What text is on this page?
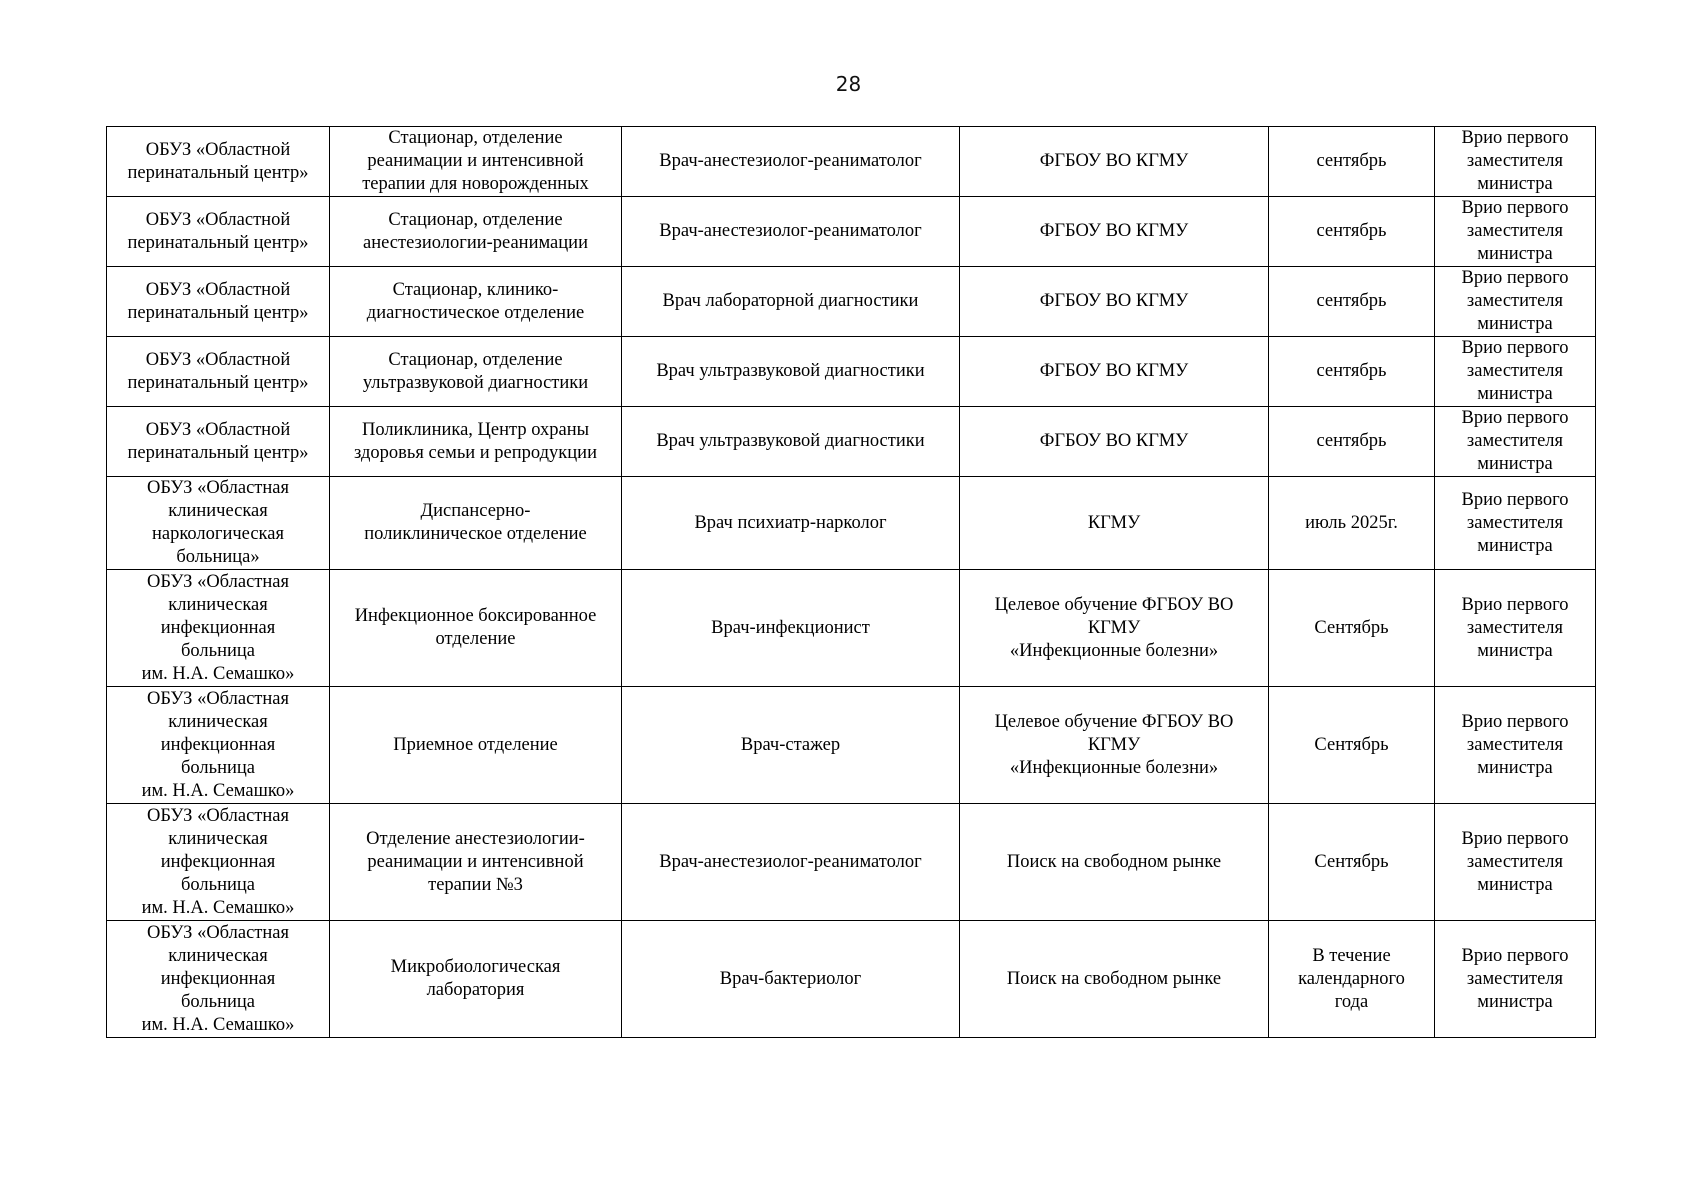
28
ОБУЗ «Областной
перинатальный центр»	Стационар, отделение
реанимации и интенсивной
терапии для новорожденных	Врач-анестезиолог-реаниматолог	ФГБОУ ВО КГМУ	сентябрь	Врио первого
заместителя
министра
ОБУЗ «Областной
перинатальный центр»	Стационар, отделение
анестезиологии-реанимации	Врач-анестезиолог-реаниматолог	ФГБОУ ВО КГМУ	сентябрь	Врио первого
заместителя
министра
ОБУЗ «Областной
перинатальный центр»	Стационар, клинико-
диагностическое отделение	Врач лабораторной диагностики	ФГБОУ ВО КГМУ	сентябрь	Врио первого
заместителя
министра
ОБУЗ «Областной
перинатальный центр»	Стационар, отделение
ультразвуковой диагностики	Врач ультразвуковой диагностики	ФГБОУ ВО КГМУ	сентябрь	Врио первого
заместителя
министра
ОБУЗ «Областной
перинатальный центр»	Поликлиника, Центр охраны
здоровья семьи и репродукции	Врач ультразвуковой диагностики	ФГБОУ ВО КГМУ	сентябрь	Врио первого
заместителя
министра
ОБУЗ «Областная
клиническая
наркологическая
больница»	Диспансерно-
поликлиническое отделение	Врач психиатр-нарколог	КГМУ	июль 2025г.	Врио первого
заместителя
министра
ОБУЗ «Областная
клиническая
инфекционная
больница
им. Н.А. Семашко»	Инфекционное боксированное
отделение	Врач-инфекционист	Целевое обучение ФГБОУ ВО
КГМУ
«Инфекционные болезни»	Сентябрь	Врио первого
заместителя
министра
ОБУЗ «Областная
клиническая
инфекционная
больница
им. Н.А. Семашко»	Приемное отделение	Врач-стажер	Целевое обучение ФГБОУ ВО
КГМУ
«Инфекционные болезни»	Сентябрь	Врио первого
заместителя
министра
ОБУЗ «Областная
клиническая
инфекционная
больница
им. Н.А. Семашко»	Отделение анестезиологии-
реанимации и интенсивной
терапии №3	Врач-анестезиолог-реаниматолог	Поиск на свободном рынке	Сентябрь	Врио первого
заместителя
министра
ОБУЗ «Областная
клиническая
инфекционная
больница
им. Н.А. Семашко»	Микробиологическая
лаборатория	Врач-бактериолог	Поиск на свободном рынке	В течение
календарного
года	Врио первого
заместителя
министра
